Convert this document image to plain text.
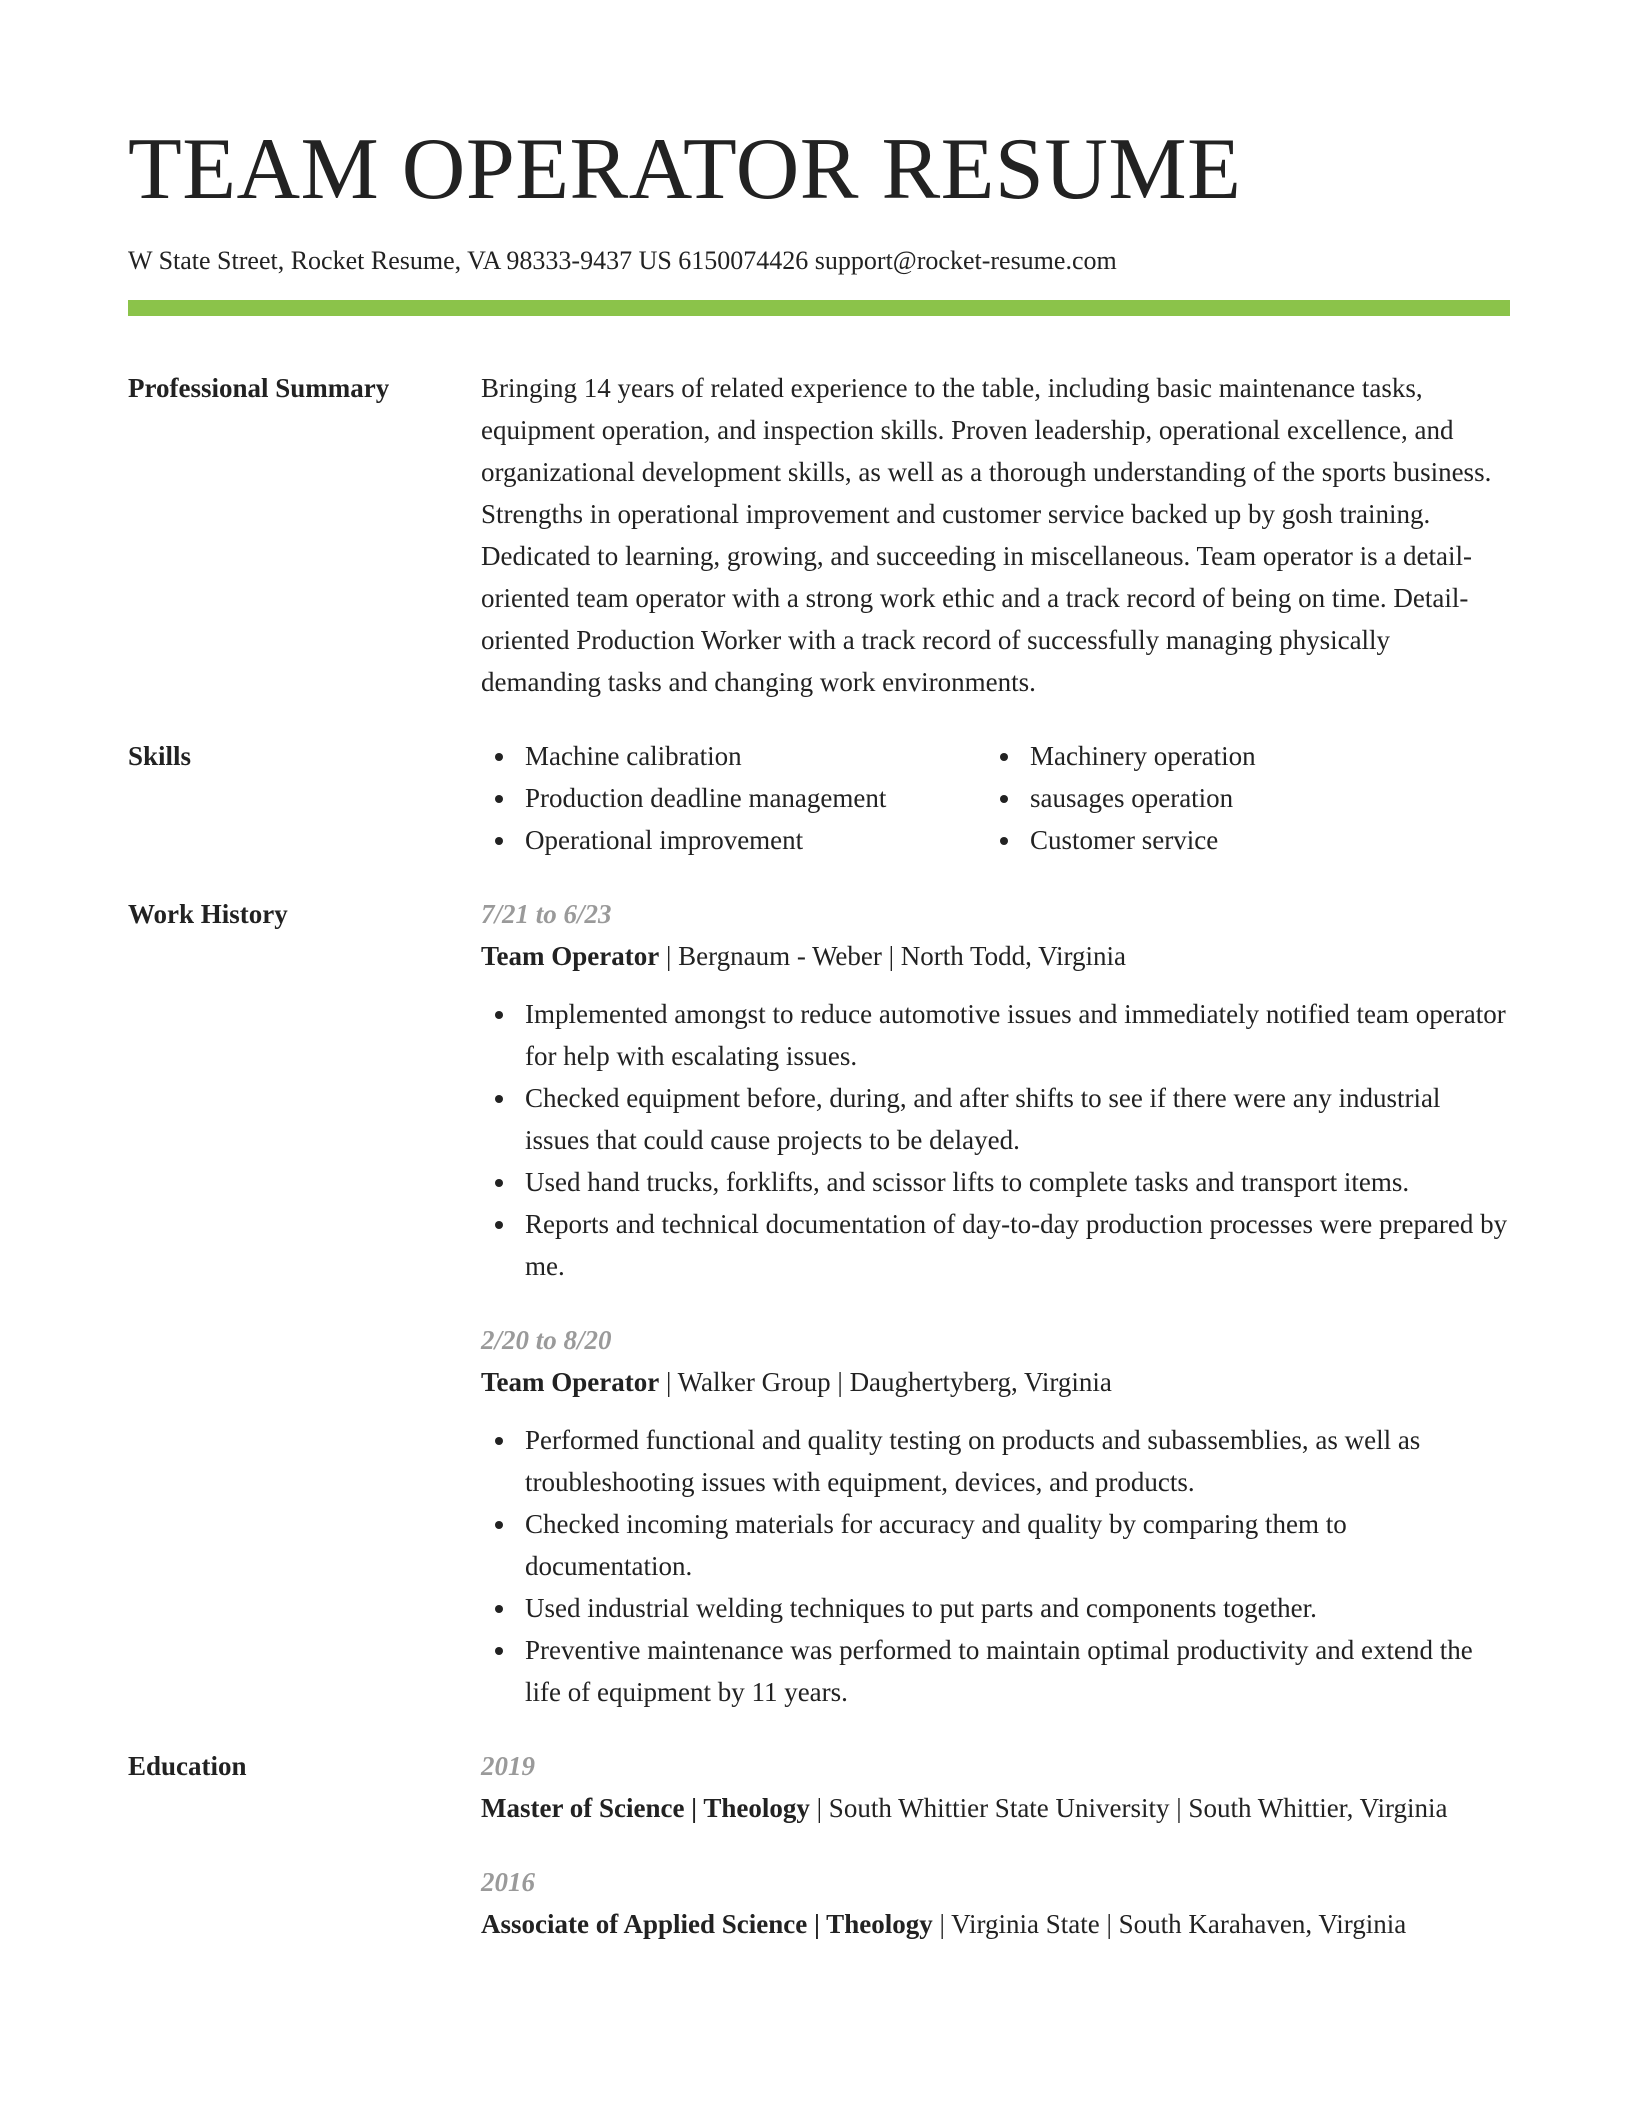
TEAM OPERATOR RESUME
W State Street, Rocket Resume, VA 98333-9437 US 6150074426 support@rocket-resume.com
Professional Summary	Bringing 14 years of related experience to the table, including basic maintenance tasks, equipment operation, and inspection skills. Proven leadership, operational excellence, and organizational development skills, as well as a thorough understanding of the sports business. Strengths in operational improvement and customer service backed up by gosh training. Dedicated to learning, growing, and succeeding in miscellaneous. Team operator is a detail-oriented team operator with a strong work ethic and a track record of being on time. Detail-oriented Production Worker with a track record of successfully managing physically demanding tasks and changing work environments.

Skills	Machine calibration	Machinery operation
Production deadline management	sausages operation
Operational improvement	Customer service
Work History	7/21 to 6/23
Team Operator | Bergnaum - Weber | North Todd, Virginia
Implemented amongst to reduce automotive issues and immediately notified team operator for help with escalating issues.
Checked equipment before, during, and after shifts to see if there were any industrial issues that could cause projects to be delayed.
Used hand trucks, forklifts, and scissor lifts to complete tasks and transport items.
Reports and technical documentation of day-to-day production processes were prepared by me.
2/20 to 8/20
Team Operator | Walker Group | Daughertyberg, Virginia
Performed functional and quality testing on products and subassemblies, as well as troubleshooting issues with equipment, devices, and products.
Checked incoming materials for accuracy and quality by comparing them to documentation.
Used industrial welding techniques to put parts and components together.
Preventive maintenance was performed to maintain optimal productivity and extend the life of equipment by 11 years.
Education	2019
Master of Science | Theology | South Whittier State University | South Whittier, Virginia
2016
Associate of Applied Science | Theology | Virginia State | South Karahaven, Virginia
